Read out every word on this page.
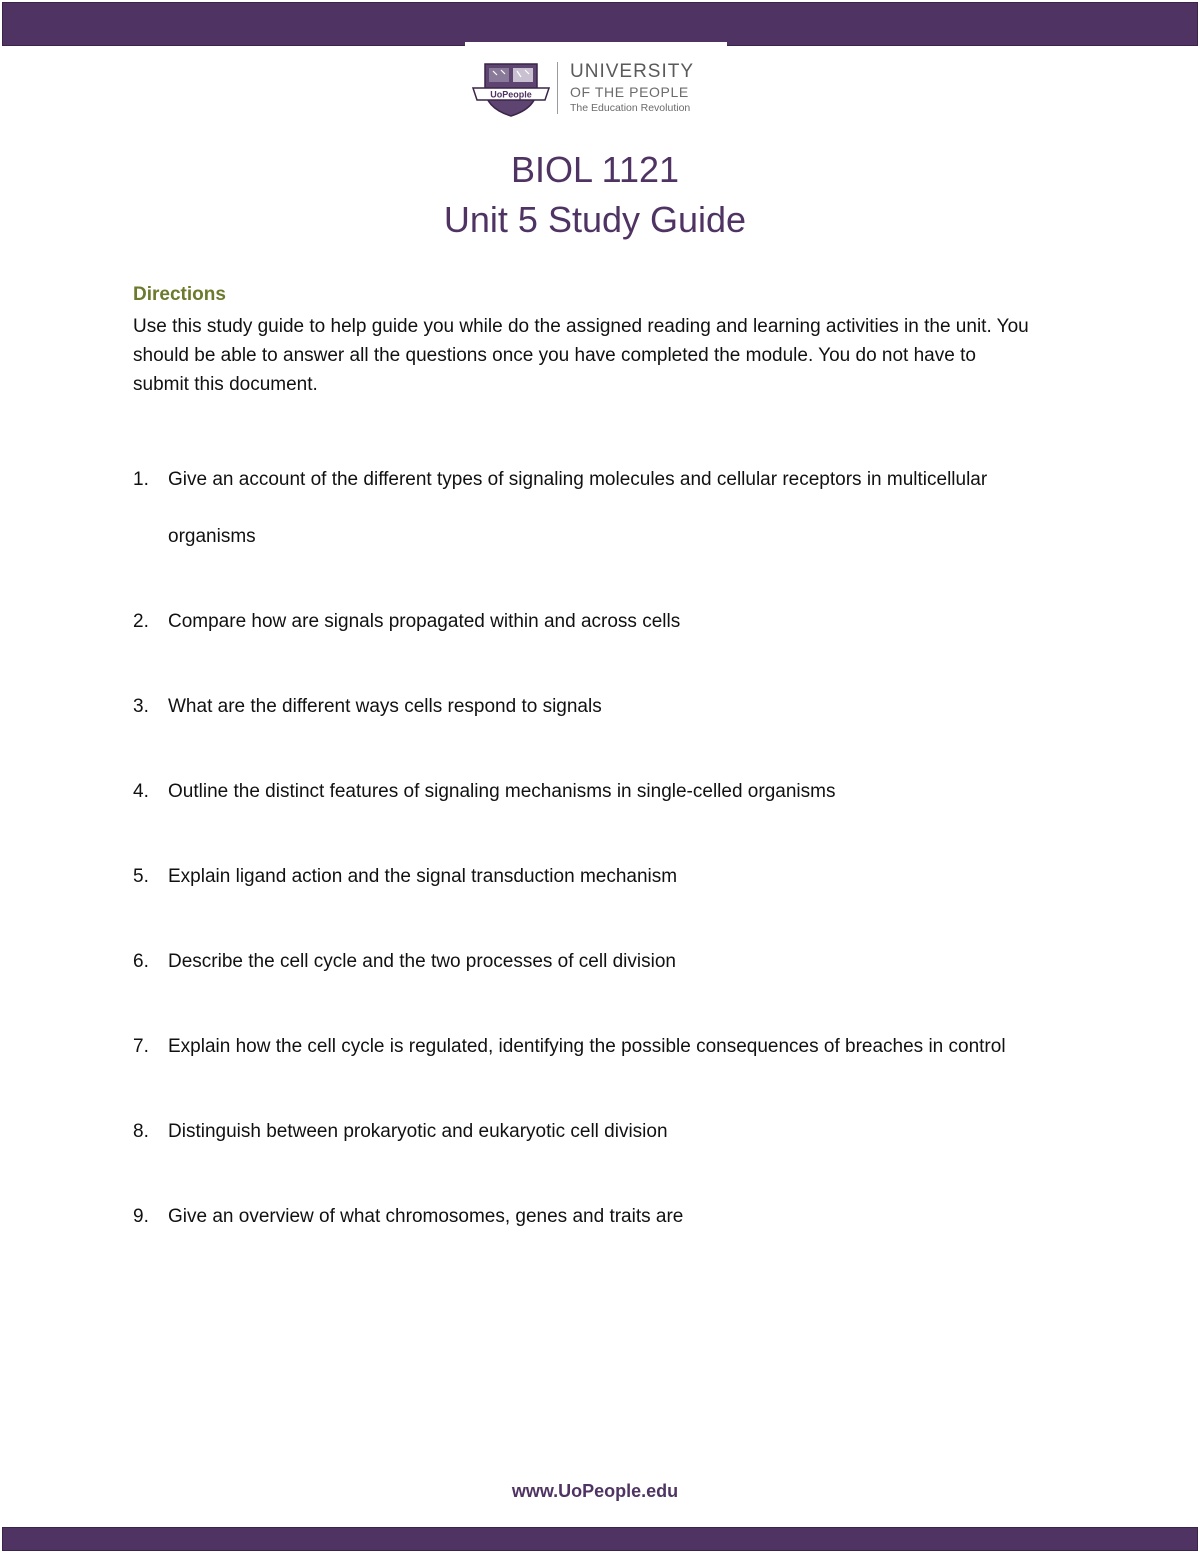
UoPeople
UNIVERSITY
OF THE PEOPLE
The Education Revolution
BIOL 1121
Unit 5 Study Guide
Directions
Use this study guide to help guide you while do the assigned reading and learning activities in the unit. You should be able to answer all the questions once you have completed the module. You do not have to submit this document.
1. Give an account of the different types of signaling molecules and cellular receptors in multicellular organisms
2. Compare how are signals propagated within and across cells
3. What are the different ways cells respond to signals
4. Outline the distinct features of signaling mechanisms in single-celled organisms
5. Explain ligand action and the signal transduction mechanism
6. Describe the cell cycle and the two processes of cell division
7. Explain how the cell cycle is regulated, identifying the possible consequences of breaches in control
8. Distinguish between prokaryotic and eukaryotic cell division
9. Give an overview of what chromosomes, genes and traits are
www.UoPeople.edu
